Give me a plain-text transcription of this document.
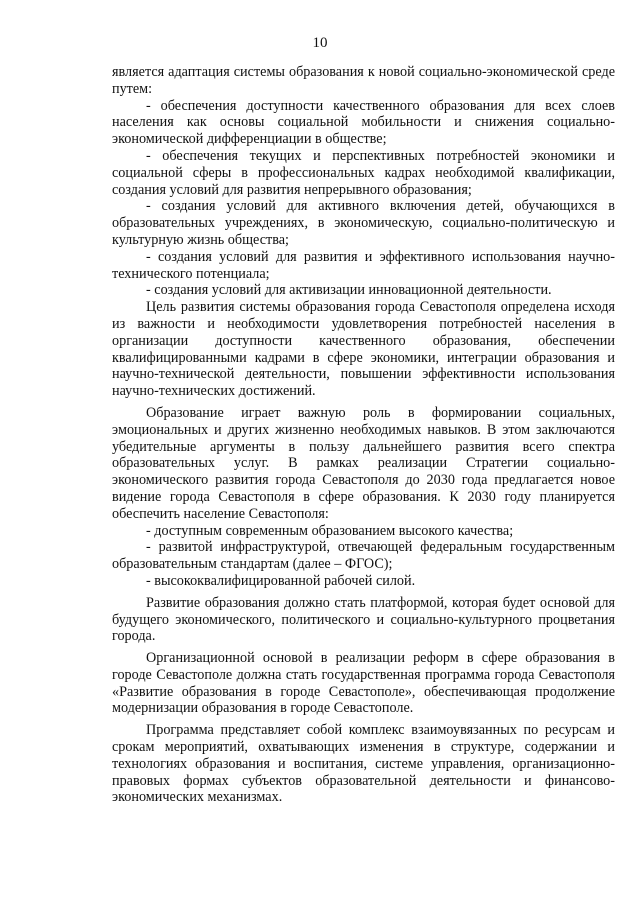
10

является адаптация системы образования к новой социально-экономической среде путем:

- обеспечения доступности качественного образования для всех слоев населения как основы социальной мобильности и снижения социально-экономической дифференциации в обществе;

- обеспечения текущих и перспективных потребностей экономики и социальной сферы в профессиональных кадрах необходимой квалификации, создания условий для развития непрерывного образования;

- создания условий для активного включения детей, обучающихся в образовательных учреждениях, в экономическую, социально-политическую и культурную жизнь общества;

- создания условий для развития и эффективного использования научно-технического потенциала;

- создания условий для активизации инновационной деятельности.

Цель развития системы образования города Севастополя определена исходя из важности и необходимости удовлетворения потребностей населения в организации доступности качественного образования, обеспечении квалифицированными кадрами в сфере экономики, интеграции образования и научно-технической деятельности, повышении эффективности использования научно-технических достижений.

Образование играет важную роль в формировании социальных, эмоциональных и других жизненно необходимых навыков. В этом заключаются убедительные аргументы в пользу дальнейшего развития всего спектра образовательных услуг. В рамках реализации Стратегии социально-экономического развития города Севастополя до 2030 года предлагается новое видение города Севастополя в сфере образования. К 2030 году планируется обеспечить население Севастополя:

- доступным современным образованием высокого качества;

- развитой инфраструктурой, отвечающей федеральным государственным образовательным стандартам (далее – ФГОС);

- высококвалифицированной рабочей силой.

Развитие образования должно стать платформой, которая будет основой для будущего экономического, политического и социально-культурного процветания города.

Организационной основой в реализации реформ в сфере образования в городе Севастополе должна стать государственная программа города Севастополя «Развитие образования в городе Севастополе», обеспечивающая продолжение модернизации образования в городе Севастополе.

Программа представляет собой комплекс взаимоувязанных по ресурсам и срокам мероприятий, охватывающих изменения в структуре, содержании и технологиях образования и воспитания, системе управления, организационно-правовых формах субъектов образовательной деятельности и финансово-экономических механизмах.
